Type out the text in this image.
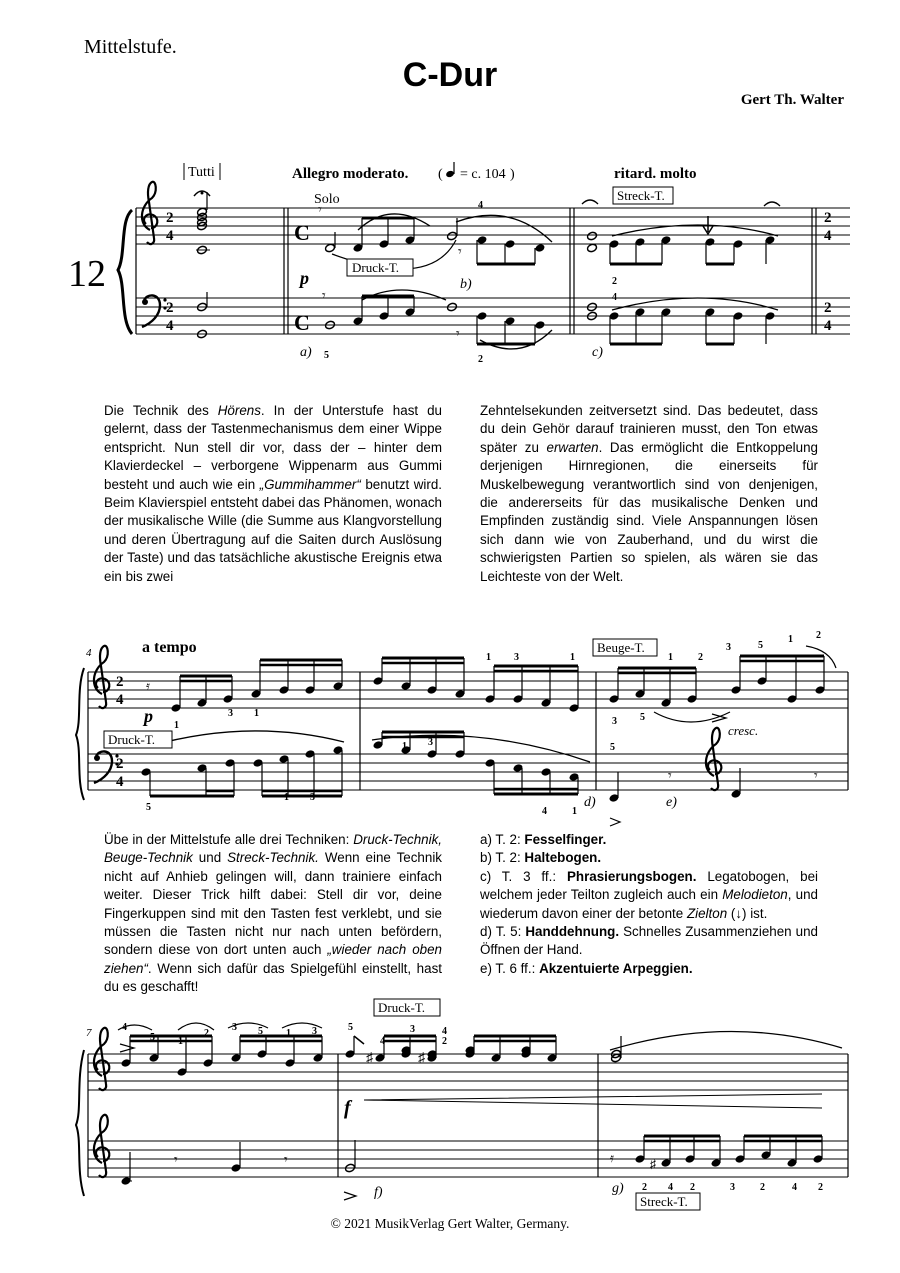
Mittelstufe.
C-Dur
Gert Th. Walter
12
2
4
2
4
2
4
2
4
C
C
𝄾
𝄾
𝄾
𝄾
2
4
2
4
𝄿
𝄾	𝄾
♯	♯
𝄾	𝄾	𝄿	♯
Tutti	Allegro moderato. ( = c. 104 )	ritard. molto
Solo	Streck-T.
Druck-T.
p
a)
b)
c)
5
4
2
2
4
4	a tempo	Beuge-T.
Druck-T.
p
cresc.
d)	e)
1
3 1
1 3	1	1	2
3	5
1 2
3 5
5
1 3
3
1
4	1
5
7
Druck-T.
Streck-T.
f
f)	g)
4
5 1
2
3 5 1 3	5
4
3	4
2
2 4 2	3	2	4 2
Die Technik des Hörens. In der Unterstufe hast du gelernt, dass der Tastenmechanismus dem einer Wippe entspricht. Nun stell dir vor, dass der – hinter dem Klavierdeckel – verborgene Wippenarm aus Gummi besteht und auch wie ein „Gummihammer“ benutzt wird. Beim Klavierspiel entsteht dabei das Phänomen, wonach der musikalische Wille (die Summe aus Klangvorstellung und deren Übertragung auf die Saiten durch Auslösung der Taste) und das tatsächliche akustische Ereignis etwa ein bis zwei
Zehntelsekunden zeitversetzt sind. Das bedeutet, dass du dein Gehör darauf trainieren musst, den Ton etwas später zu erwarten. Das ermöglicht die Entkoppelung derjenigen Hirnregionen, die einerseits für Muskelbewegung verantwortlich sind von denjenigen, die andererseits für das musikalische Denken und Empfinden zuständig sind. Viele Anspannungen lösen sich dann wie von Zauberhand, und du wirst die schwierigsten Partien so spielen, als wären sie das Leichteste von der Welt.
Übe in der Mittelstufe alle drei Techniken: Druck-Technik, Beuge-Technik und Streck-Technik. Wenn eine Technik nicht auf Anhieb gelingen will, dann trainiere einfach weiter. Dieser Trick hilft dabei: Stell dir vor, deine Fingerkuppen sind mit den Tasten fest verklebt, und sie müssen die Tasten nicht nur nach unten befördern, sondern diese von dort unten auch „wieder nach oben ziehen“. Wenn sich dafür das Spielgefühl einstellt, hast du es geschafft!
a) T. 2: Fesselfinger.
b) T. 2: Haltebogen.
c) T. 3 ff.: Phrasierungsbogen. Legatobogen, bei welchem jeder Teilton zugleich auch ein Melodieton, und wiederum davon einer der betonte Zielton (↓) ist.
d) T. 5: Handdehnung. Schnelles Zusammenziehen und Öffnen der Hand.
e) T. 6 ff.: Akzentuierte Arpeggien.
© 2021 MusikVerlag Gert Walter, Germany.
